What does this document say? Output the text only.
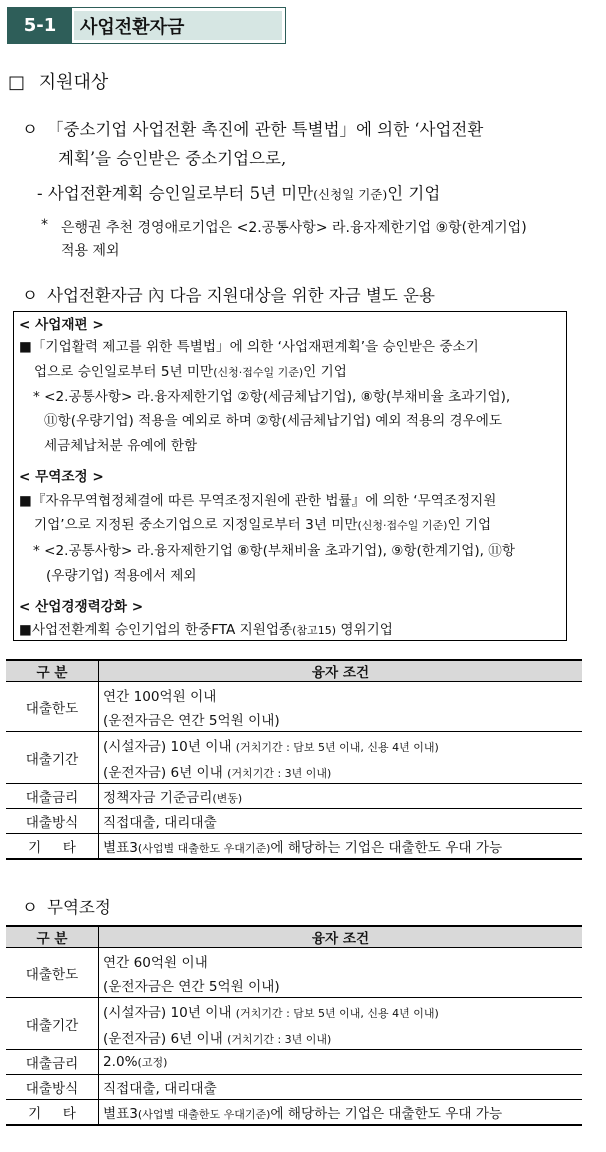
5-1	사업전환자금
□ 지원대상
ㅇ 「중소기업 사업전환 촉진에 관한 특별법」에 의한 ‘사업전환
계획’을 승인받은 중소기업으로,
- 사업전환계획 승인일로부터 5년 미만(신청일 기준)인 기업
* 은행권 추천 경영애로기업은 <2.공통사항> 라.융자제한기업 ⑨항(한계기업)
적용 제외
ㅇ 사업전환자금 內 다음 지원대상을 위한 자금 별도 운용
< 사업재편 >
■「기업활력 제고를 위한 특별법」에 의한 ‘사업재편계획’을 승인받은 중소기
업으로 승인일로부터 5년 미만(신청·접수일 기준)인 기업
* <2.공통사항> 라.융자제한기업 ②항(세금체납기업), ⑧항(부채비율 초과기업),
⑪항(우량기업) 적용을 예외로 하며 ②항(세금체납기업) 예외 적용의 경우에도
세금체납처분 유예에 한함
< 무역조정 >
■『자유무역협정체결에 따른 무역조정지원에 관한 법률』에 의한 ‘무역조정지원
기업’으로 지정된 중소기업으로 지정일로부터 3년 미만(신청·접수일 기준)인 기업
* <2.공통사항> 라.융자제한기업 ⑧항(부채비율 초과기업), ⑨항(한계기업), ⑪항
(우량기업) 적용에서 제외
< 산업경쟁력강화 >
■사업전환계획 승인기업의 한중FTA 지원업종(참고15) 영위기업
구 분	융자 조건
대출한도	연간 100억원 이내
(운전자금은 연간 5억원 이내)

대출기간	(시설자금) 10년 이내 (거치기간 : 담보 5년 이내, 신용 4년 이내)
(운전자금) 6년 이내 (거치기간 : 3년 이내)

대출금리	정책자금 기준금리(변동)
대출방식	직접대출, 대리대출
기     타	별표3(사업별 대출한도 우대기준)에 해당하는 기업은 대출한도 우대 가능
ㅇ 무역조정
구 분	융자 조건
대출한도	연간 60억원 이내
(운전자금은 연간 5억원 이내)

대출기간	(시설자금) 10년 이내 (거치기간 : 담보 5년 이내, 신용 4년 이내)
(운전자금) 6년 이내 (거치기간 : 3년 이내)

대출금리	2.0%(고정)
대출방식	직접대출, 대리대출
기     타	별표3(사업별 대출한도 우대기준)에 해당하는 기업은 대출한도 우대 가능
